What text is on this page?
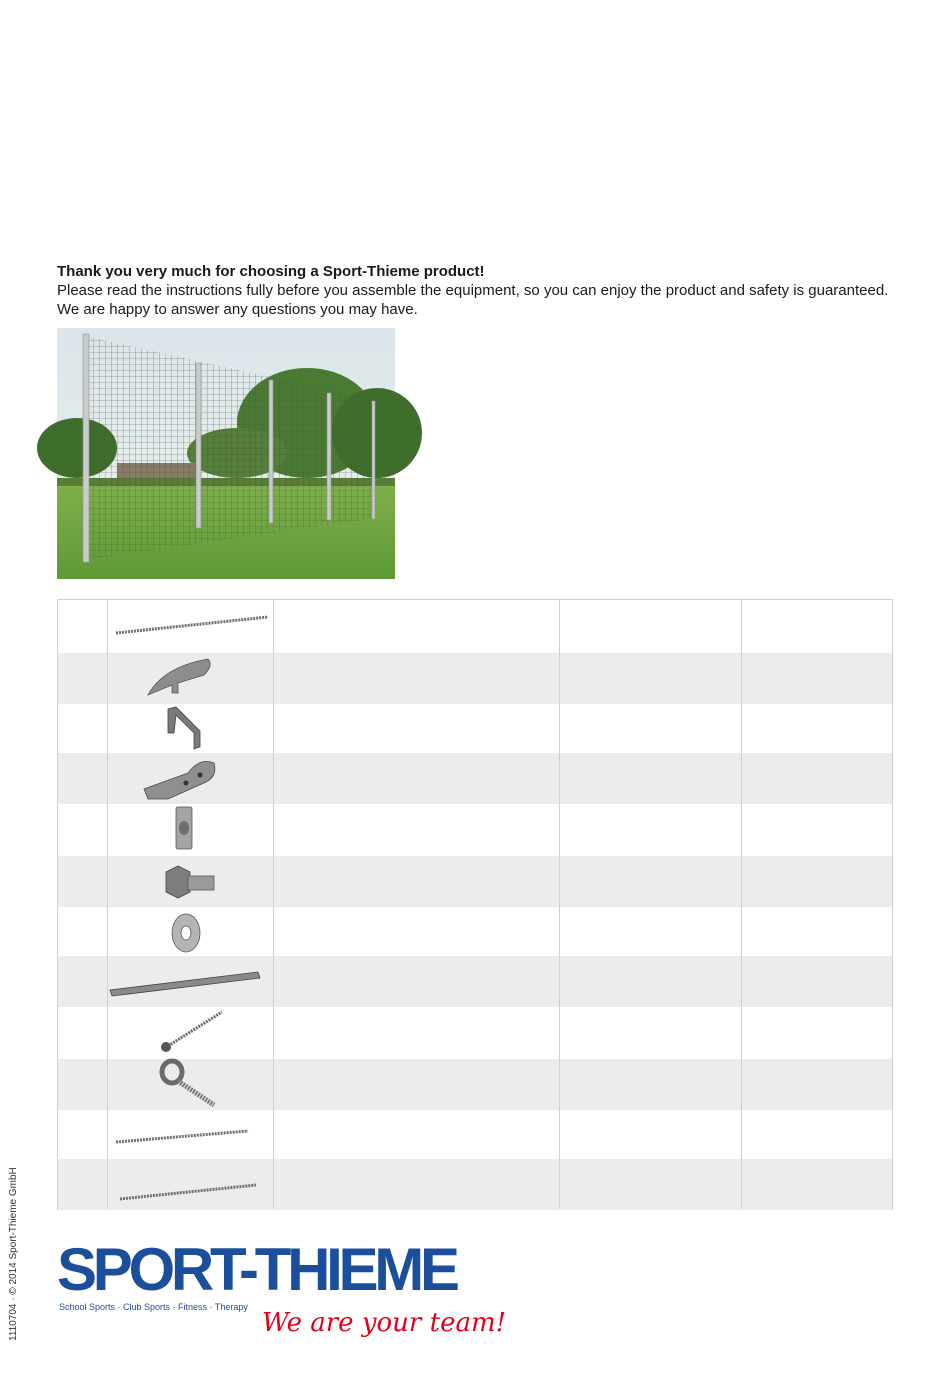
Thank you very much for choosing a Sport-Thieme product!
Please read the instructions fully before you assemble the equipment, so you can enjoy the product and safety is guaranteed.
We are happy to answer any questions you may have.
1110704 · © 2014 Sport-Thieme GmbH SPORT-THIEME
School Sports · Club Sports · Fitness · Therapy
We are your team!
